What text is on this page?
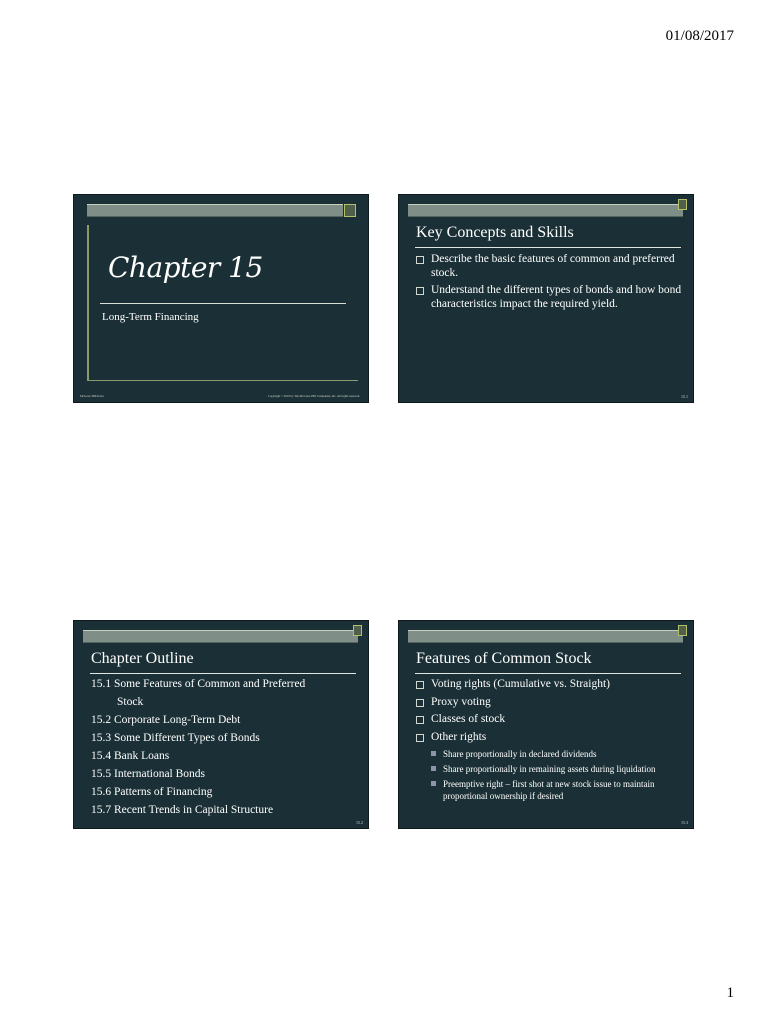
01/08/2017
Chapter 15
Long-Term Financing
McGraw-Hill/Irwin	Copyright © 2010 by The McGraw-Hill Companies, Inc. All rights reserved.
Key Concepts and Skills
Describe the basic features of common and preferred stock.
Understand the different types of bonds and how bond characteristics impact the required yield.
15.1
Chapter Outline
15.1 Some Features of Common and Preferred
Stock
15.2 Corporate Long-Term Debt
15.3 Some Different Types of Bonds
15.4 Bank Loans
15.5 International Bonds
15.6 Patterns of Financing
15.7 Recent Trends in Capital Structure
15.2
Features of Common Stock
Voting rights (Cumulative vs. Straight)
Proxy voting
Classes of stock
Other rights
Share proportionally in declared dividends
Share proportionally in remaining assets during liquidation
Preemptive right – first shot at new stock issue to maintain proportional ownership if desired
15.3
1
